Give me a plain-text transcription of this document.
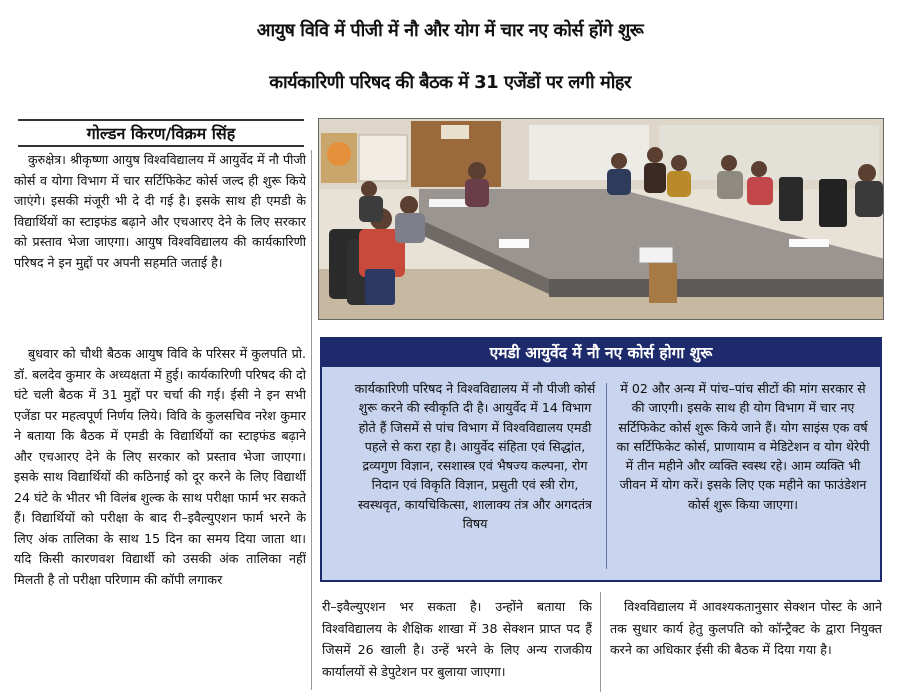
आयुष विवि में पीजी में नौ और योग में चार नए कोर्स होंगे शुरू
कार्यकारिणी परिषद की बैठक में 31 एजेंडों पर लगी मोहर
गोल्डन किरण/विक्रम सिंह

कुरुक्षेत्र। श्रीकृष्णा आयुष विश्वविद्यालय में आयुर्वेद में नौ पीजी कोर्स व योगा विभाग में चार सर्टिफिकेट कोर्स जल्द ही शुरू किये जाएंगे। इसकी मंजूरी भी दे दी गई है। इसके साथ ही एमडी के विद्यार्थियों का स्टाइफंड बढ़ाने और एचआरए देने के लिए सरकार को प्रस्ताव भेजा जाएगा। आयुष विश्वविद्यालय की कार्यकारिणी परिषद ने इन मुद्दों पर अपनी सहमति जताई है।

बुधवार को चौथी बैठक आयुष विवि के परिसर में कुलपति प्रो. डॉ. बलदेव कुमार के अध्यक्षता में हुई। कार्यकारिणी परिषद की दो घंटे चली बैठक में 31 मुद्दों पर चर्चा की गई। ईसी ने इन सभी एजेंडा पर महत्वपूर्ण निर्णय लिये। विवि के कुलसचिव नरेश कुमार ने बताया कि बैठक में एमडी के विद्यार्थियों का स्टाइफंड बढ़ाने और एचआरए देने के लिए सरकार को प्रस्ताव भेजा जाएगा। इसके साथ विद्यार्थियों की कठिनाई को दूर करने के लिए विद्यार्थी 24 घंटे के भीतर भी विलंब शुल्क के साथ परीक्षा फार्म भर सकते हैं। विद्यार्थियों को परीक्षा के बाद री–इवैल्युएशन फार्म भरने के लिए अंक तालिका के साथ 15 दिन का समय दिया जाता था। यदि किसी कारणवश विद्यार्थी को उसकी अंक तालिका नहीं मिलती है तो परीक्षा परिणाम की कॉपी लगाकर

एमडी आयुर्वेद में नौ नए कोर्स होगा शुरू

कार्यकारिणी परिषद ने विश्वविद्यालय में नौ पीजी कोर्स शुरू करने की स्वीकृति दी है। आयुर्वेद में 14 विभाग होते हैं जिसमें से पांच विभाग में विश्वविद्यालय एमडी पहले से करा रहा है। आयुर्वेद संहिता एवं सिद्धांत, द्रव्यगुण विज्ञान, रसशास्त्र एवं भैषज्य कल्पना, रोग निदान एवं विकृति विज्ञान, प्रसुती एवं स्त्री रोग, स्वस्थवृत, कायचिकित्सा, शालाक्य तंत्र और अगदतंत्र विषय

में 02 और अन्य में पांच–पांच सीटों की मांग सरकार से की जाएगी। इसके साथ ही योग विभाग में चार नए सर्टिफिकेट कोर्स शुरू किये जाने हैं। योग साइंस एक वर्ष का सर्टिफिकेट कोर्स, प्राणायाम व मेडिटेशन व योग थेरेपी में तीन महीने और व्यक्ति स्वस्थ रहे। आम व्यक्ति भी जीवन में योग करें। इसके लिए एक महीने का फाउंडेशन कोर्स शुरू किया जाएगा।

री–इवैल्युएशन भर सकता है। उन्होंने बताया कि विश्वविद्यालय के शैक्षिक शाखा में 38 सेक्शन प्राप्त पद हैं जिसमें 26 खाली है। उन्हें भरने के लिए अन्य राजकीय कार्यालयों से डेपुटेशन पर बुलाया जाएगा।

विश्वविद्यालय में आवश्यकतानुसार सेक्शन पोस्ट के आने तक सुधार कार्य हेतु कुलपति को कॉन्ट्रैक्ट के द्वारा नियुक्त करने का अधिकार ईसी की बैठक में दिया गया है।
